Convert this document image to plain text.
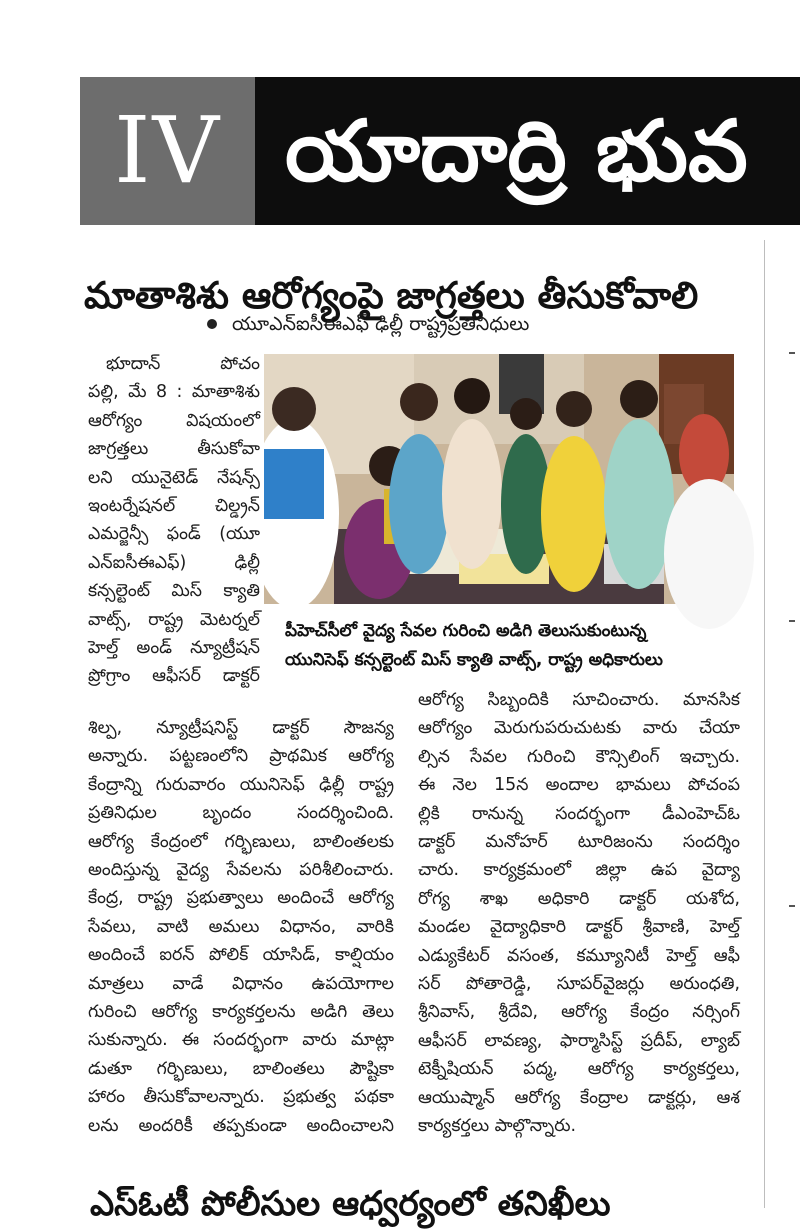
IV యాదాద్రి భువ
మాతాశిశు ఆరోగ్యంపై జాగ్రత్తలు తీసుకోవాలి
యూఎన్ఐసీఈఎఫ్ ఢిల్లీ రాష్ట్రప్రతినిధులు
పీహెచ్‌సీలో వైద్య సేవల గురించి అడిగి తెలుసుకుంటున్న
యునిసెఫ్ కన్సల్టెంట్ మిస్ క్యాతి వాట్స్, రాష్ట్ర అధికారులు

భూదాన్ పోచం

పల్లి, మే 8 : మాతాశిశు

ఆరోగ్యం విషయంలో

జాగ్రత్తలు తీసుకోవా

లని యునైటెడ్ నేషన్స్

ఇంటర్నేషనల్ చిల్డ్రన్

ఎమర్జెన్సీ ఫండ్ (యూ

ఎన్ఐసీఈఎఫ్) ఢిల్లీ

కన్సల్టెంట్ మిస్ క్యాతి

వాట్స్, రాష్ట్ర మెటర్నల్

హెల్త్ అండ్ న్యూట్రీషన్

ప్రోగ్రాం ఆఫీసర్ డాక్టర్

శిల్ప, న్యూట్రీషనిస్ట్ డాక్టర్ సౌజన్య

అన్నారు. పట్టణంలోని ప్రాథమిక ఆరోగ్య

కేంద్రాన్ని గురువారం యునిసెఫ్ ఢిల్లీ రాష్ట్ర

ప్రతినిధుల బృందం సందర్శించింది.

ఆరోగ్య కేంద్రంలో గర్భిణులు, బాలింతలకు

అందిస్తున్న వైద్య సేవలను పరిశీలించారు.

కేంద్ర, రాష్ట్ర ప్రభుత్వాలు అందించే ఆరోగ్య

సేవలు, వాటి అమలు విధానం, వారికి

అందించే ఐరన్ పోలిక్ యాసిడ్, కాల్షియం

మాత్రలు వాడే విధానం ఉపయోగాల

గురించి ఆరోగ్య కార్యకర్తలను అడిగి తెలు

సుకున్నారు. ఈ సందర్భంగా వారు మాట్లా

డుతూ గర్భిణులు, బాలింతలు పౌష్టికా

హారం తీసుకోవాలన్నారు. ప్రభుత్వ పథకా

లను అందరికీ తప్పకుండా అందించాలని

ఆరోగ్య సిబ్బందికి సూచించారు. మానసిక

ఆరోగ్యం మెరుగుపరుచుటకు వారు చేయా

ల్సిన సేవల గురించి కౌన్సిలింగ్ ఇచ్చారు.

ఈ నెల 15న అందాల భామలు పోచంప

ల్లికి రానున్న సందర్భంగా డీఎంహెచ్ఓ

డాక్టర్ మనోహర్ టూరిజంను సందర్శిం

చారు. కార్యక్రమంలో జిల్లా ఉప వైద్యా

రోగ్య శాఖ అధికారి డాక్టర్ యశోద,

మండల వైద్యాధికారి డాక్టర్ శ్రీవాణి, హెల్త్

ఎడ్యుకేటర్ వసంత, కమ్యూనిటీ హెల్త్ ఆఫీ

సర్ పోతారెడ్డి, సూపర్‌వైజర్లు అరుంధతి,

శ్రీనివాస్, శ్రీదేవి, ఆరోగ్య కేంద్రం నర్సింగ్

ఆఫీసర్ లావణ్య, ఫార్మాసిస్ట్ ప్రదీప్, ల్యాబ్

టెక్నీషియన్ పద్మ, ఆరోగ్య కార్యకర్తలు,

ఆయుష్మాన్ ఆరోగ్య కేంద్రాల డాక్టర్లు, ఆశ

కార్యకర్తలు పాల్గొన్నారు.

ఎస్ఓటీ పోలీసుల ఆధ్వర్యంలో తనిఖీలు
